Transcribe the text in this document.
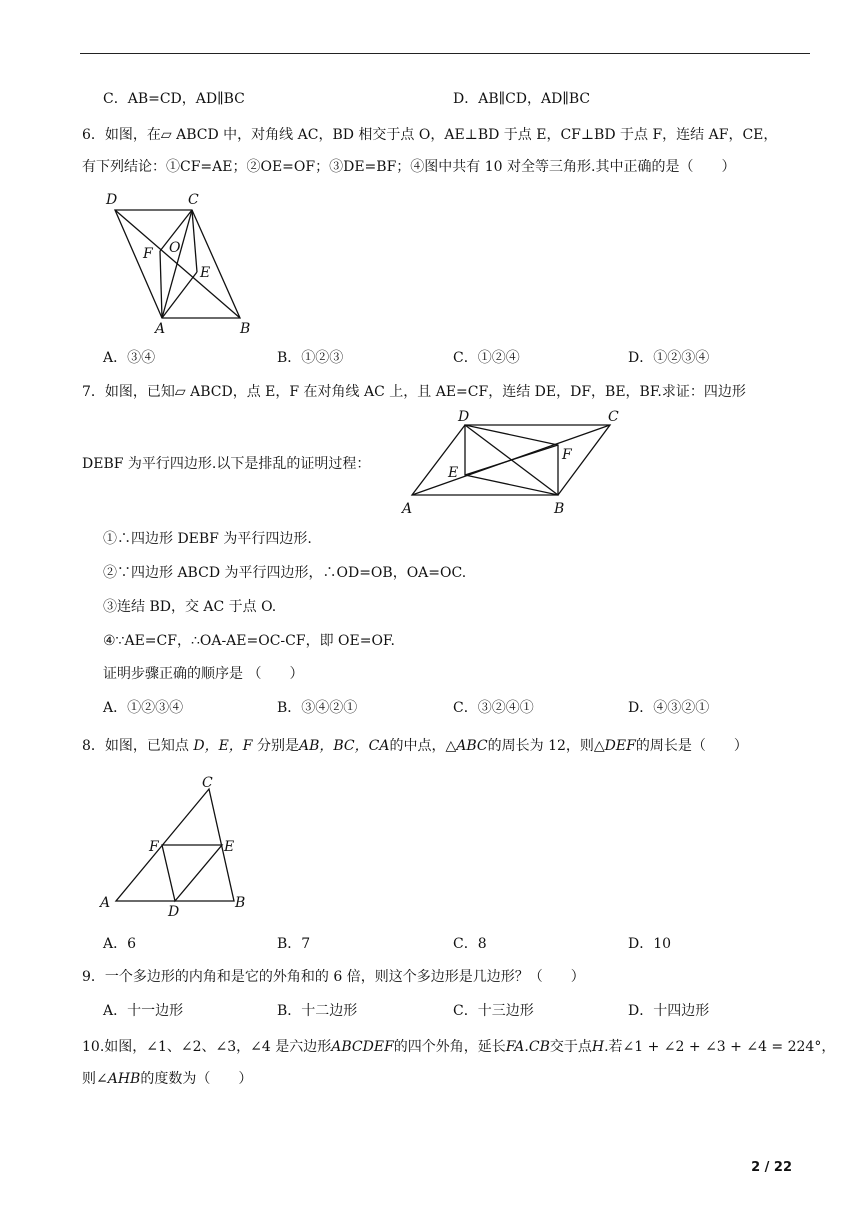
C．AB=CD，AD∥BC	D．AB∥CD，AD∥BC
6．如图，在▱ ABCD 中，对角线 AC，BD 相交于点 O，AE⊥BD 于点 E，CF⊥BD 于点 F，连结 AF，CE，
有下列结论：①CF=AE；②OE=OF；③DE=BF；④图中共有 10 对全等三角形.其中正确的是（　　）
D	C
F O
E
A	B
A．③④	B．①②③	C．①②④	D．①②③④
7．如图，已知▱ ABCD，点 E，F 在对角线 AC 上，且 AE=CF，连结 DE，DF，BE，BF.求证：四边形
D	C
F
E
A	B
DEBF 为平行四边形.以下是排乱的证明过程：
①∴四边形 DEBF 为平行四边形.
②∵四边形 ABCD 为平行四边形，∴OD=OB，OA=OC.
③连结 BD，交 AC 于点 O.
④∵AE=CF，∴OA-AE=OC-CF，即 OE=OF.
证明步骤正确的顺序是 （　　）
A．①②③④	B．③④②①	C．③②④①	D．④③②①
8．如图，已知点 D，E，F 分别是AB，BC，CA的中点，△ABC的周长为 12，则△DEF的周长是（　　）
C
F	E
A
D
B
A．6	B．7	C．8	D．10
9．一个多边形的内角和是它的外角和的 6 倍，则这个多边形是几边形？（　　）
A．十一边形	B．十二边形	C．十三边形	D．十四边形
10.如图，∠1、∠2、∠3，∠4 是六边形ABCDEF的四个外角，延长FA.CB交于点H.若∠1 + ∠2 + ∠3 + ∠4 = 224°，
则∠AHB的度数为（　　）
2 / 22
